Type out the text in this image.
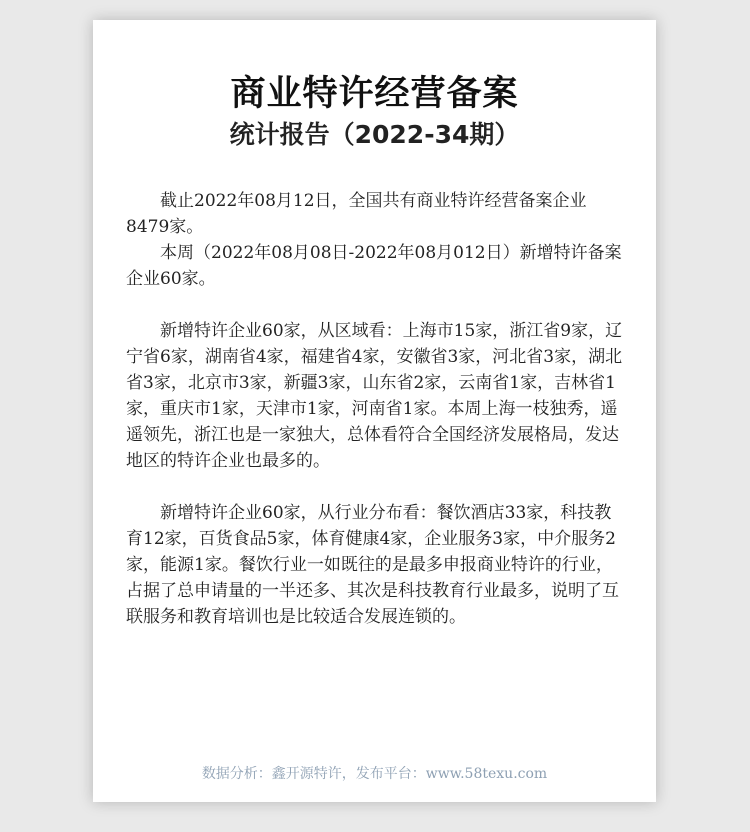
商业特许经营备案
统计报告（2022-34期）

截止2022年08月12日，全国共有商业特许经营备案企业8479家。

本周（2022年08月08日-2022年08月012日）新增特许备案企业60家。

新增特许企业60家，从区域看：上海市15家，浙江省9家，辽宁省6家，湖南省4家，福建省4家，安徽省3家，河北省3家，湖北省3家，北京市3家，新疆3家，山东省2家，云南省1家，吉林省1家，重庆市1家，天津市1家，河南省1家。本周上海一枝独秀，遥遥领先，浙江也是一家独大，总体看符合全国经济发展格局，发达地区的特许企业也最多的。

新增特许企业60家，从行业分布看：餐饮酒店33家，科技教育12家，百货食品5家，体育健康4家，企业服务3家，中介服务2家，能源1家。餐饮行业一如既往的是最多申报商业特许的行业，占据了总申请量的一半还多、其次是科技教育行业最多，说明了互联服务和教育培训也是比较适合发展连锁的。

数据分析：鑫开源特许，发布平台：www.58texu.com
